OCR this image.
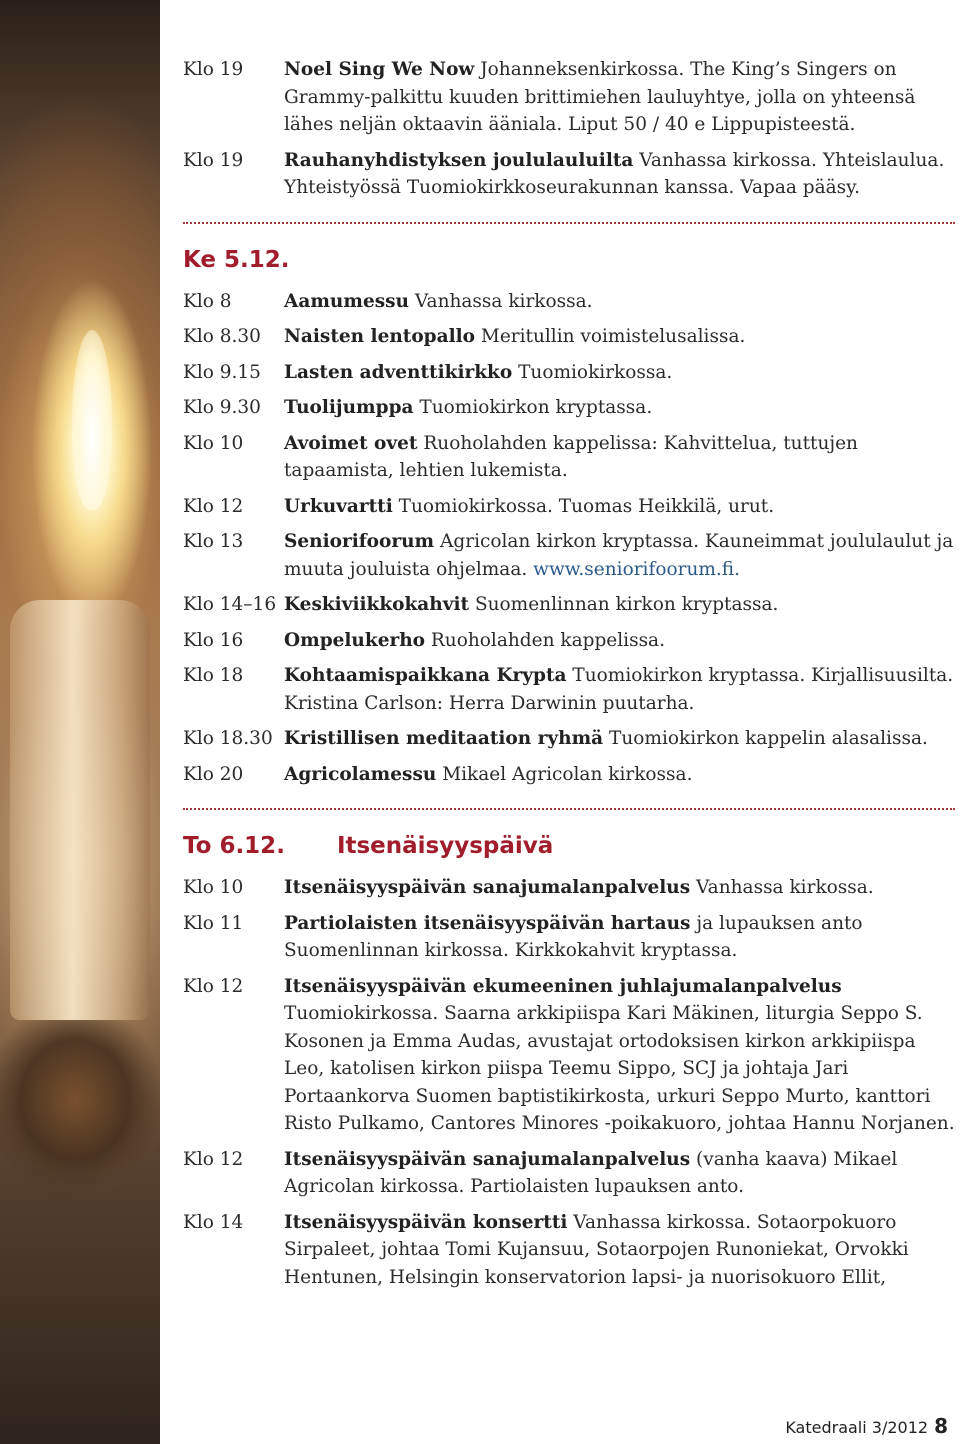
Klo 19	Noel Sing We Now Johanneksenkirkossa. The King’s Singers on Grammy-palkittu kuuden brittimiehen lauluyhtye, jolla on yhteensä lähes neljän oktaavin ääniala. Liput 50 / 40 e Lippupisteestä.
Klo 19	Rauhanyhdistyksen joululauluilta Vanhassa kirkossa. Yhteislaulua. Yhteistyössä Tuomiokirkkoseurakunnan kanssa. Vapaa pääsy.
Ke 5.12.
Klo 8	Aamumessu Vanhassa kirkossa.
Klo 8.30	Naisten lentopallo Meritullin voimistelusalissa.
Klo 9.15	Lasten adventtikirkko Tuomiokirkossa.
Klo 9.30	Tuolijumppa Tuomiokirkon kryptassa.
Klo 10	Avoimet ovet Ruoholahden kappelissa: Kahvittelua, tuttujen tapaamista, lehtien lukemista.
Klo 12	Urkuvartti Tuomiokirkossa. Tuomas Heikkilä, urut.
Klo 13	Seniorifoorum Agricolan kirkon kryptassa. Kauneimmat joululaulut ja muuta jouluista ohjelmaa. www.seniorifoorum.fi.
Klo 14–16 Keskiviikkokahvit Suomenlinnan kirkon kryptassa.
Klo 16	Ompelukerho Ruoholahden kappelissa.
Klo 18	Kohtaamispaikkana Krypta Tuomiokirkon kryptassa. Kirjallisuusilta. Kristina Carlson: Herra Darwinin puutarha.
Klo 18.30 Kristillisen meditaation ryhmä Tuomiokirkon kappelin alasalissa.
Klo 20	Agricolamessu Mikael Agricolan kirkossa.
To 6.12. Itsenäisyyspäivä
Klo 10	Itsenäisyyspäivän sanajumalanpalvelus Vanhassa kirkossa.
Klo 11	Partiolaisten itsenäisyyspäivän hartaus ja lupauksen anto Suomenlinnan kirkossa. Kirkkokahvit kryptassa.
Klo 12	Itsenäisyyspäivän ekumeeninen juhlajumalanpalvelus Tuomiokirkossa. Saarna arkkipiispa Kari Mäkinen, liturgia Seppo S. Kosonen ja Emma Audas, avustajat ortodoksisen kirkon arkkipiispa Leo, katolisen kirkon piispa Teemu Sippo, SCJ ja johtaja Jari Portaankorva Suomen baptistikirkosta, urkuri Seppo Murto, kanttori Risto Pulkamo, Cantores Minores -poikakuoro, johtaa Hannu Norjanen.
Klo 12	Itsenäisyyspäivän sanajumalanpalvelus (vanha kaava) Mikael Agricolan kirkossa. Partiolaisten lupauksen anto.
Klo 14	Itsenäisyyspäivän konsertti Vanhassa kirkossa. Sotaorpokuoro Sirpaleet, johtaa Tomi Kujansuu, Sotaorpojen Runoniekat, Orvokki Hentunen, Helsingin konservatorion lapsi- ja nuorisokuoro Ellit,
Katedraali 3/2012 8
